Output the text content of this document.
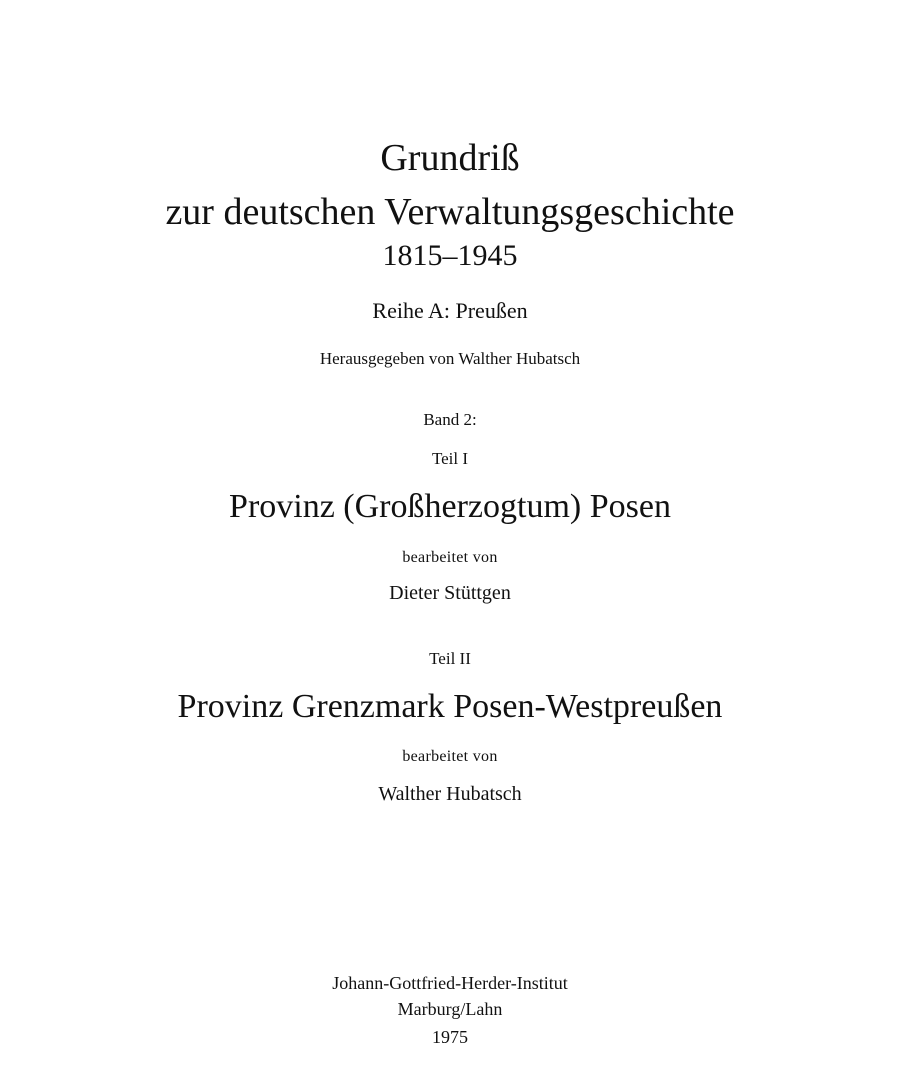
Grundriß
zur deutschen Verwaltungsgeschichte
1815–1945
Reihe A: Preußen
Herausgegeben von Walther Hubatsch
Band 2:
Teil I
Provinz (Großherzogtum) Posen
bearbeitet von
Dieter Stüttgen
Teil II
Provinz Grenzmark Posen-Westpreußen
bearbeitet von
Walther Hubatsch
Johann-Gottfried-Herder-Institut
Marburg/Lahn
1975
